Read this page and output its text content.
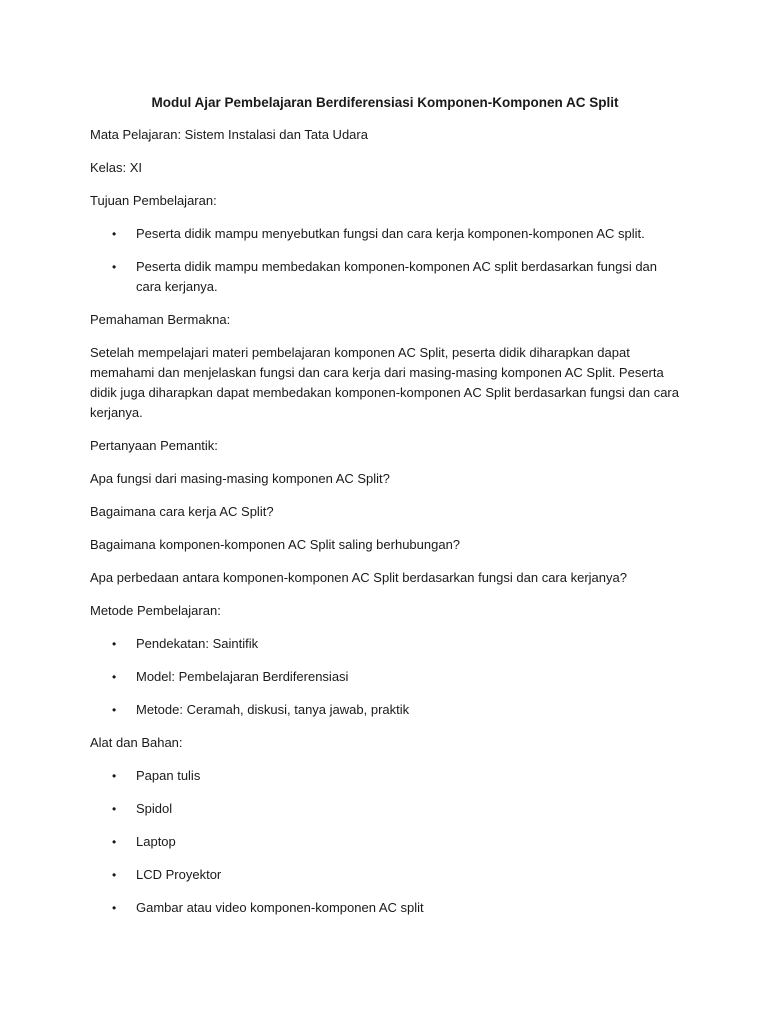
Modul Ajar Pembelajaran Berdiferensiasi Komponen-Komponen AC Split

Mata Pelajaran: Sistem Instalasi dan Tata Udara

Kelas: XI

Tujuan Pembelajaran:

• Peserta didik mampu menyebutkan fungsi dan cara kerja komponen-komponen AC split.
• Peserta didik mampu membedakan komponen-komponen AC split berdasarkan fungsi dan cara kerjanya.

Pemahaman Bermakna:

Setelah mempelajari materi pembelajaran komponen AC Split, peserta didik diharapkan dapat memahami dan menjelaskan fungsi dan cara kerja dari masing-masing komponen AC Split. Peserta didik juga diharapkan dapat membedakan komponen-komponen AC Split berdasarkan fungsi dan cara kerjanya.

Pertanyaan Pemantik:

Apa fungsi dari masing-masing komponen AC Split?

Bagaimana cara kerja AC Split?

Bagaimana komponen-komponen AC Split saling berhubungan?

Apa perbedaan antara komponen-komponen AC Split berdasarkan fungsi dan cara kerjanya?

Metode Pembelajaran:

• Pendekatan: Saintifik
• Model: Pembelajaran Berdiferensiasi
• Metode: Ceramah, diskusi, tanya jawab, praktik

Alat dan Bahan:

• Papan tulis
• Spidol
• Laptop
• LCD Proyektor
• Gambar atau video komponen-komponen AC split
